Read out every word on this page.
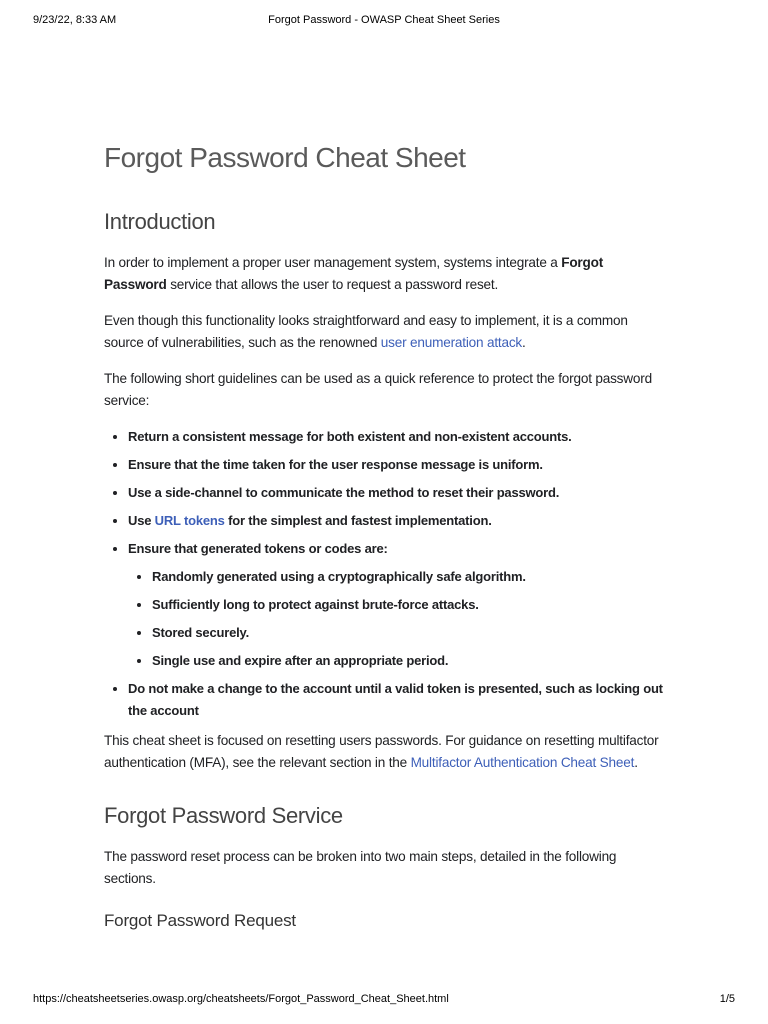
9/23/22, 8:33 AM	Forgot Password - OWASP Cheat Sheet Series
Forgot Password Cheat Sheet
Introduction

In order to implement a proper user management system, systems integrate a Forgot Password service that allows the user to request a password reset.

Even though this functionality looks straightforward and easy to implement, it is a common source of vulnerabilities, such as the renowned user enumeration attack.

The following short guidelines can be used as a quick reference to protect the forgot password service:

• Return a consistent message for both existent and non-existent accounts.
• Ensure that the time taken for the user response message is uniform.
• Use a side-channel to communicate the method to reset their password.
• Use URL tokens for the simplest and fastest implementation.
• Ensure that generated tokens or codes are:
• Randomly generated using a cryptographically safe algorithm.
• Sufficiently long to protect against brute-force attacks.
• Stored securely.
• Single use and expire after an appropriate period.
• Do not make a change to the account until a valid token is presented, such as locking out the account

This cheat sheet is focused on resetting users passwords. For guidance on resetting multifactor authentication (MFA), see the relevant section in the Multifactor Authentication Cheat Sheet.

Forgot Password Service

The password reset process can be broken into two main steps, detailed in the following sections.

Forgot Password Request
https://cheatsheetseries.owasp.org/cheatsheets/Forgot_Password_Cheat_Sheet.html	1/5
